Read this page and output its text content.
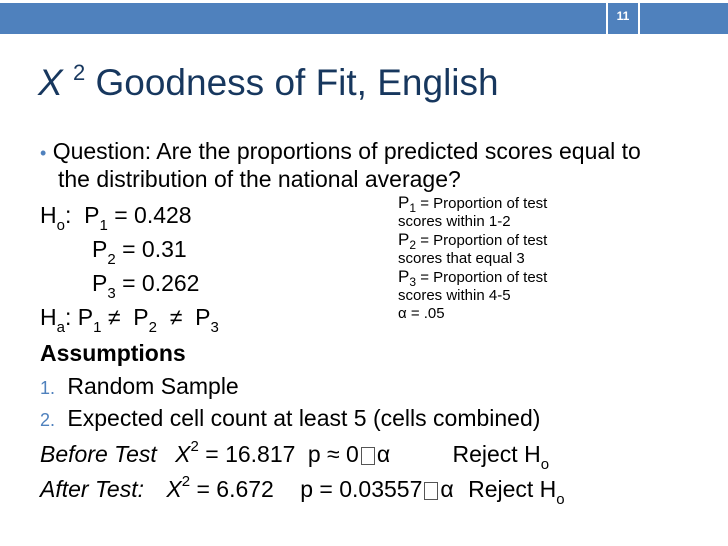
11
X $^2$ Goodness of Fit, English
• Question: Are the proportions of predicted scores equal to
the distribution of the national average?
$H_o$:  $P_1 = 0.428$
$P_2 = 0.31$
$P_3 = 0.262$
$H_a$: $P_1 \ne P_2 \ne P_3$
$P_1$ = Proportion of test
scores within 1-2
$P_2$ = Proportion of test
scores that equal 3
$P_3$ = Proportion of test
scores within 4-5
α = .05
Assumptions
1. Random Sample
2. Expected cell count at least 5 (cells combined)
Before Test $X^2 = 16.817$ p ≈ 0 α	Reject $H_o$
After Test: $X^2 = 6.672$ p = 0.03557 α Reject $H_o$
